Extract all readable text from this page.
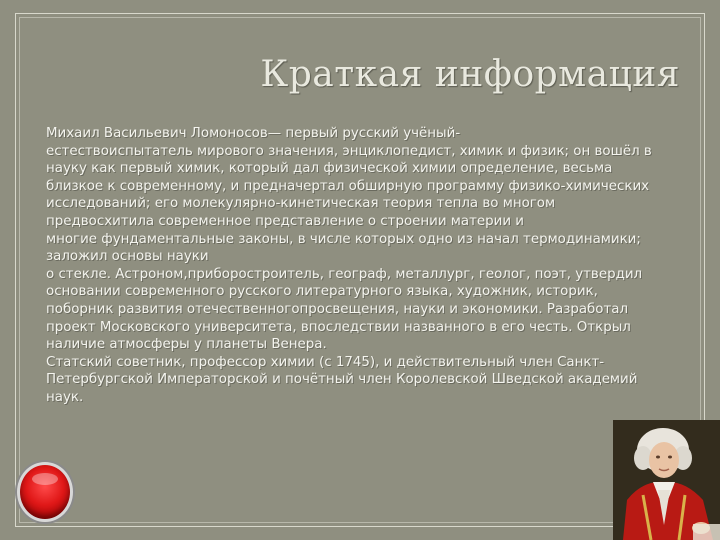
Краткая информация
Михаил Васильевич Ломоносов— первый русский учёный-
естествоиспытатель мирового значения, энциклопедист, химик и физик; он вошёл в
науку как первый химик, который дал физической химии определение, весьма
близкое к современному, и предначертал обширную программу физико-химических
исследований; его молекулярно-кинетическая теория тепла во многом
предвосхитила современное представление о строении материи и
многие фундаментальные законы, в числе которых одно из начал термодинамики;
заложил основы науки
о стекле. Астроном,приборостроитель, географ, металлург, геолог, поэт, утвердил
основании современного русского литературного языка, художник, историк,
поборник развития отечественногопросвещения, науки и экономики. Разработал
проект Московского университета, впоследствии названного в его честь. Открыл
наличие атмосферы у планеты Венера.
Статский советник, профессор химии (с 1745), и действительный член Санкт-
Петербургской Императорской и почётный член Королевской Шведской академий
наук.
